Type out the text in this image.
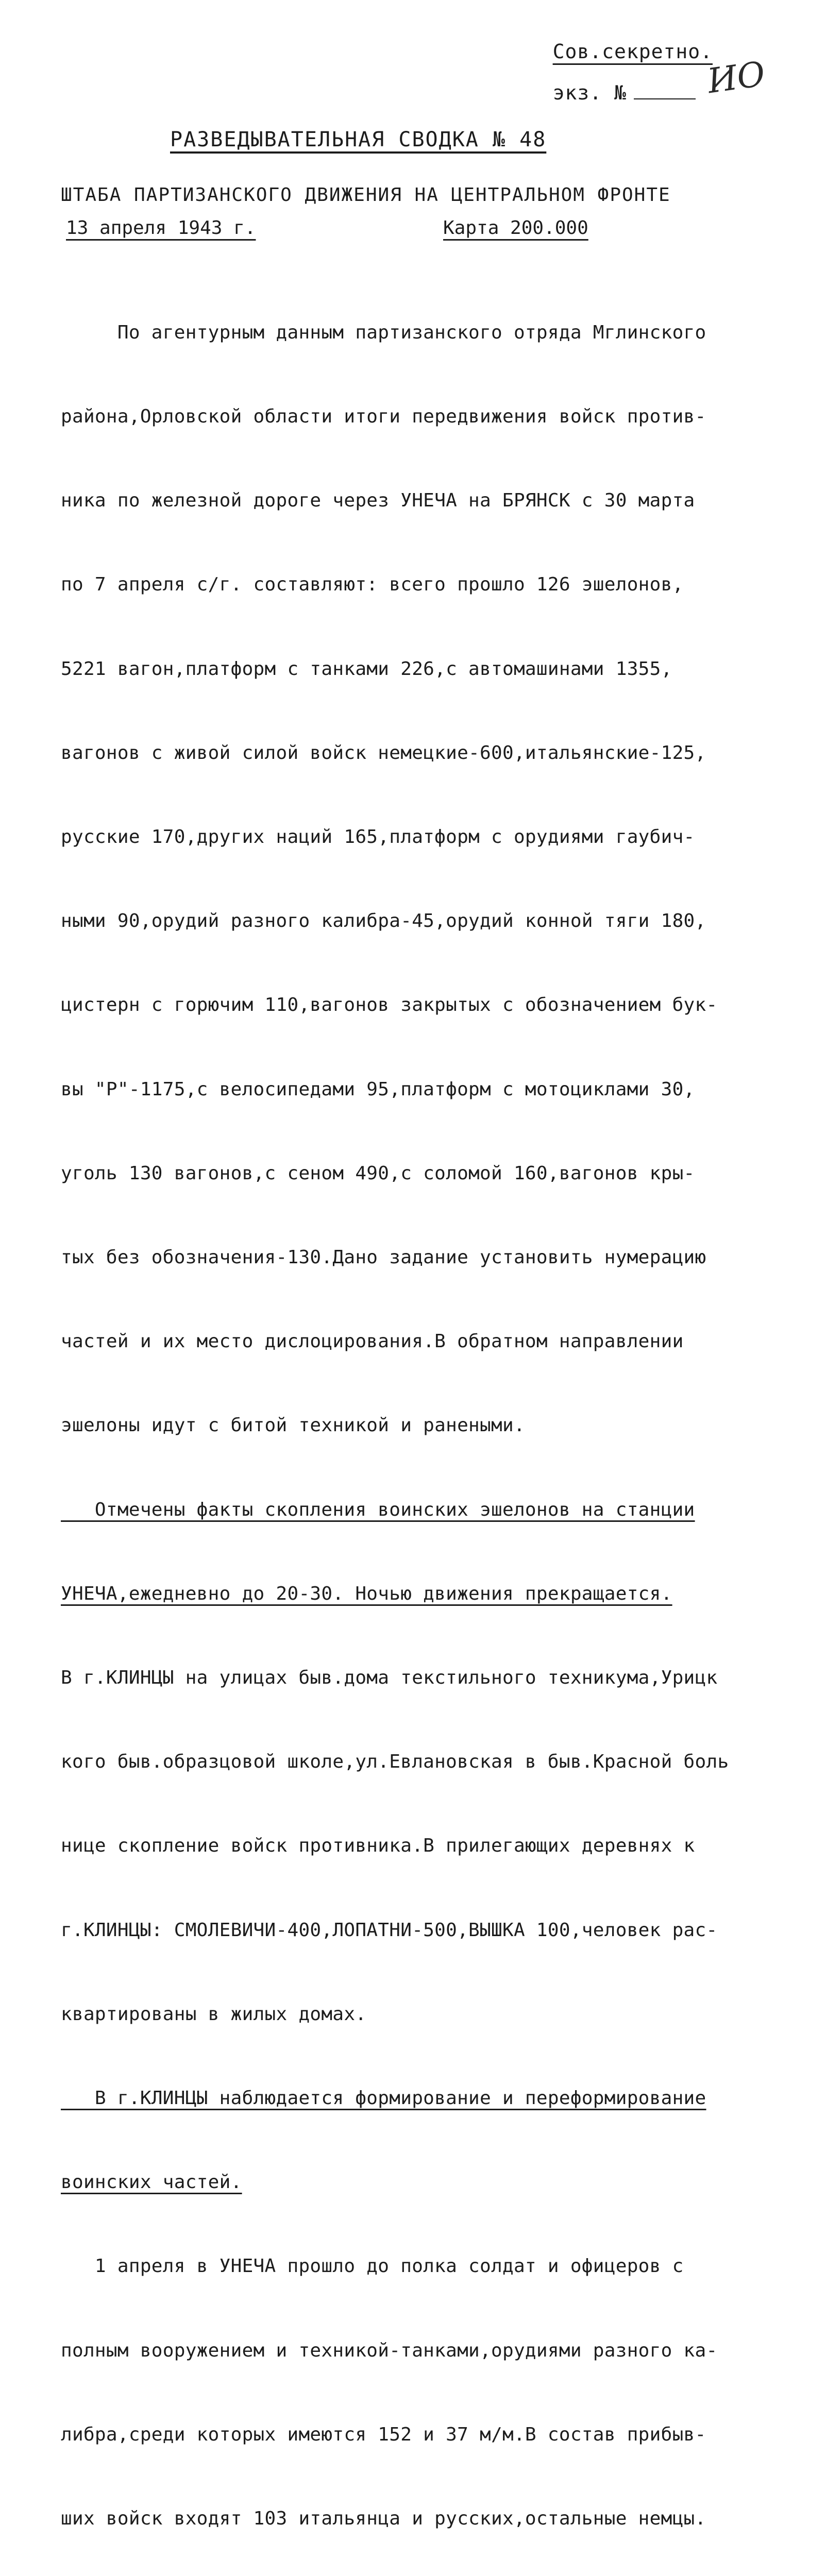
Сов.секретно.
экз. №	ИО
РАЗВЕДЫВАТЕЛЬНАЯ СВОДКА № 48
ШТАБА ПАРТИЗАНСКОГО ДВИЖЕНИЯ НА ЦЕНТРАЛЬНОМ ФРОНТЕ
13 апреля 1943 г.	Карта 200.000

По агентурным данным партизанского отряда Мглинского

района,Орловской области итоги передвижения войск против-

ника по железной дороге через УНЕЧА на БРЯНСК с 30 марта

по 7 апреля с/г. составляют: всего прошло 126 эшелонов,

5221 вагон,платформ с танками 226,с автомашинами 1355,

вагонов с живой силой войск немецкие-600,итальянские-125,

русские 170,других наций 165,платформ с орудиями гаубич-

ными 90,орудий разного калибра-45,орудий конной тяги 180,

цистерн с горючим 110,вагонов закрытых с обозначением бук-

вы "Р"-1175,с велосипедами 95,платформ с мотоциклами 30,

уголь 130 вагонов,с сеном 490,с соломой 160,вагонов кры-

тых без обозначения-130.Дано задание установить нумерацию

частей и их место дислоцирования.В обратном направлении

эшелоны идут с битой техникой и ранеными.

Отмечены факты скопления воинских эшелонов на станции

УНЕЧА,ежедневно до 20-30. Ночью движения прекращается.

В г.КЛИНЦЫ на улицах быв.дома текстильного техникума,Урицк

кого быв.образцовой школе,ул.Евлановская в быв.Красной боль

нице скопление войск противника.В прилегающих деревнях к

г.КЛИНЦЫ: СМОЛЕВИЧИ-400,ЛОПАТНИ-500,ВЫШКА 100,человек рас-

квартированы в жилых домах.

В г.КЛИНЦЫ наблюдается формирование и переформирование

воинских частей.

1 апреля в УНЕЧА прошло до полка солдат и офицеров с

полным вооружением и техникой-танками,орудиями разного ка-

либра,среди которых имеются 152 и 37 м/м.В состав прибыв-

ших войск входят 103 итальянца и русских,остальные немцы.
